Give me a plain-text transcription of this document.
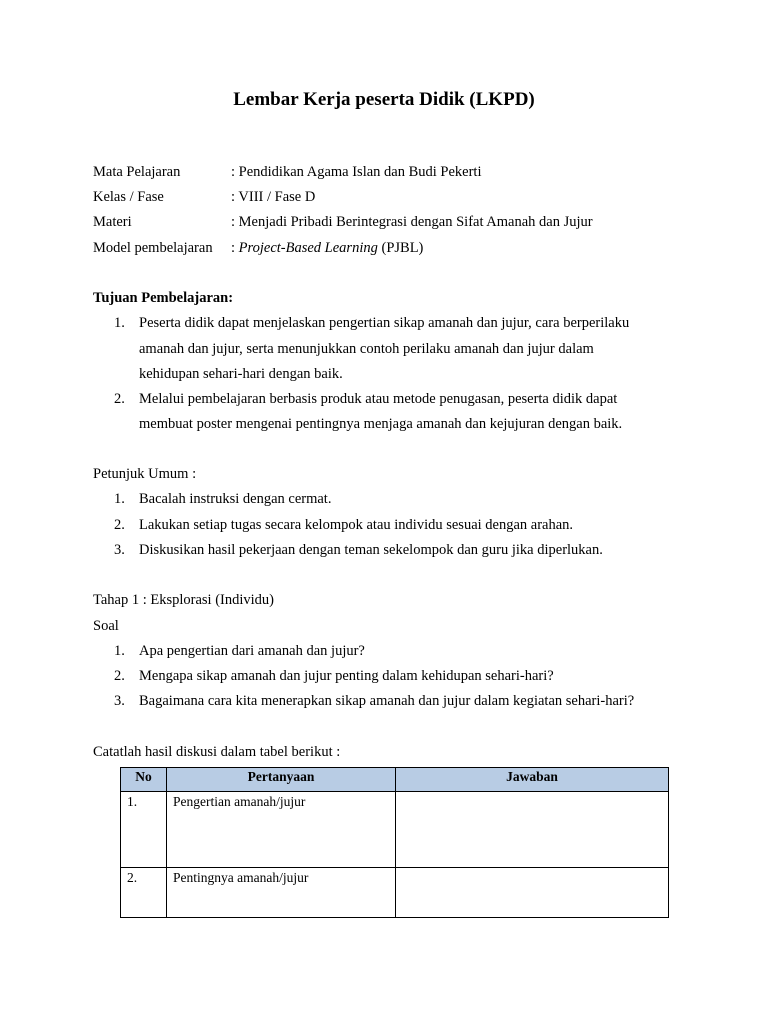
Lembar Kerja peserta Didik (LKPD)
Mata Pelajaran	: Pendidikan Agama Islan dan Budi Pekerti
Kelas / Fase	: VIII / Fase D
Materi	: Menjadi Pribadi Berintegrasi dengan Sifat Amanah dan Jujur
Model pembelajaran : Project-Based Learning (PJBL)
Tujuan Pembelajaran:
1. Peserta didik dapat menjelaskan pengertian sikap amanah dan jujur, cara berperilaku
amanah dan jujur, serta menunjukkan contoh perilaku amanah dan jujur dalam
kehidupan sehari-hari dengan baik.
2. Melalui pembelajaran berbasis produk atau metode penugasan, peserta didik dapat
membuat poster mengenai pentingnya menjaga amanah dan kejujuran dengan baik.
Petunjuk Umum :
1. Bacalah instruksi dengan cermat.
2. Lakukan setiap tugas secara kelompok atau individu sesuai dengan arahan.
3. Diskusikan hasil pekerjaan dengan teman sekelompok dan guru jika diperlukan.
Tahap 1 : Eksplorasi (Individu)
Soal
1. Apa pengertian dari amanah dan jujur?
2. Mengapa sikap amanah dan jujur penting dalam kehidupan sehari-hari?
3. Bagaimana cara kita menerapkan sikap amanah dan jujur dalam kegiatan sehari-hari?
Catatlah hasil diskusi dalam tabel berikut :
No	Pertanyaan	Jawaban
1.	Pengertian amanah/jujur	
2.	Pentingnya amanah/jujur	
